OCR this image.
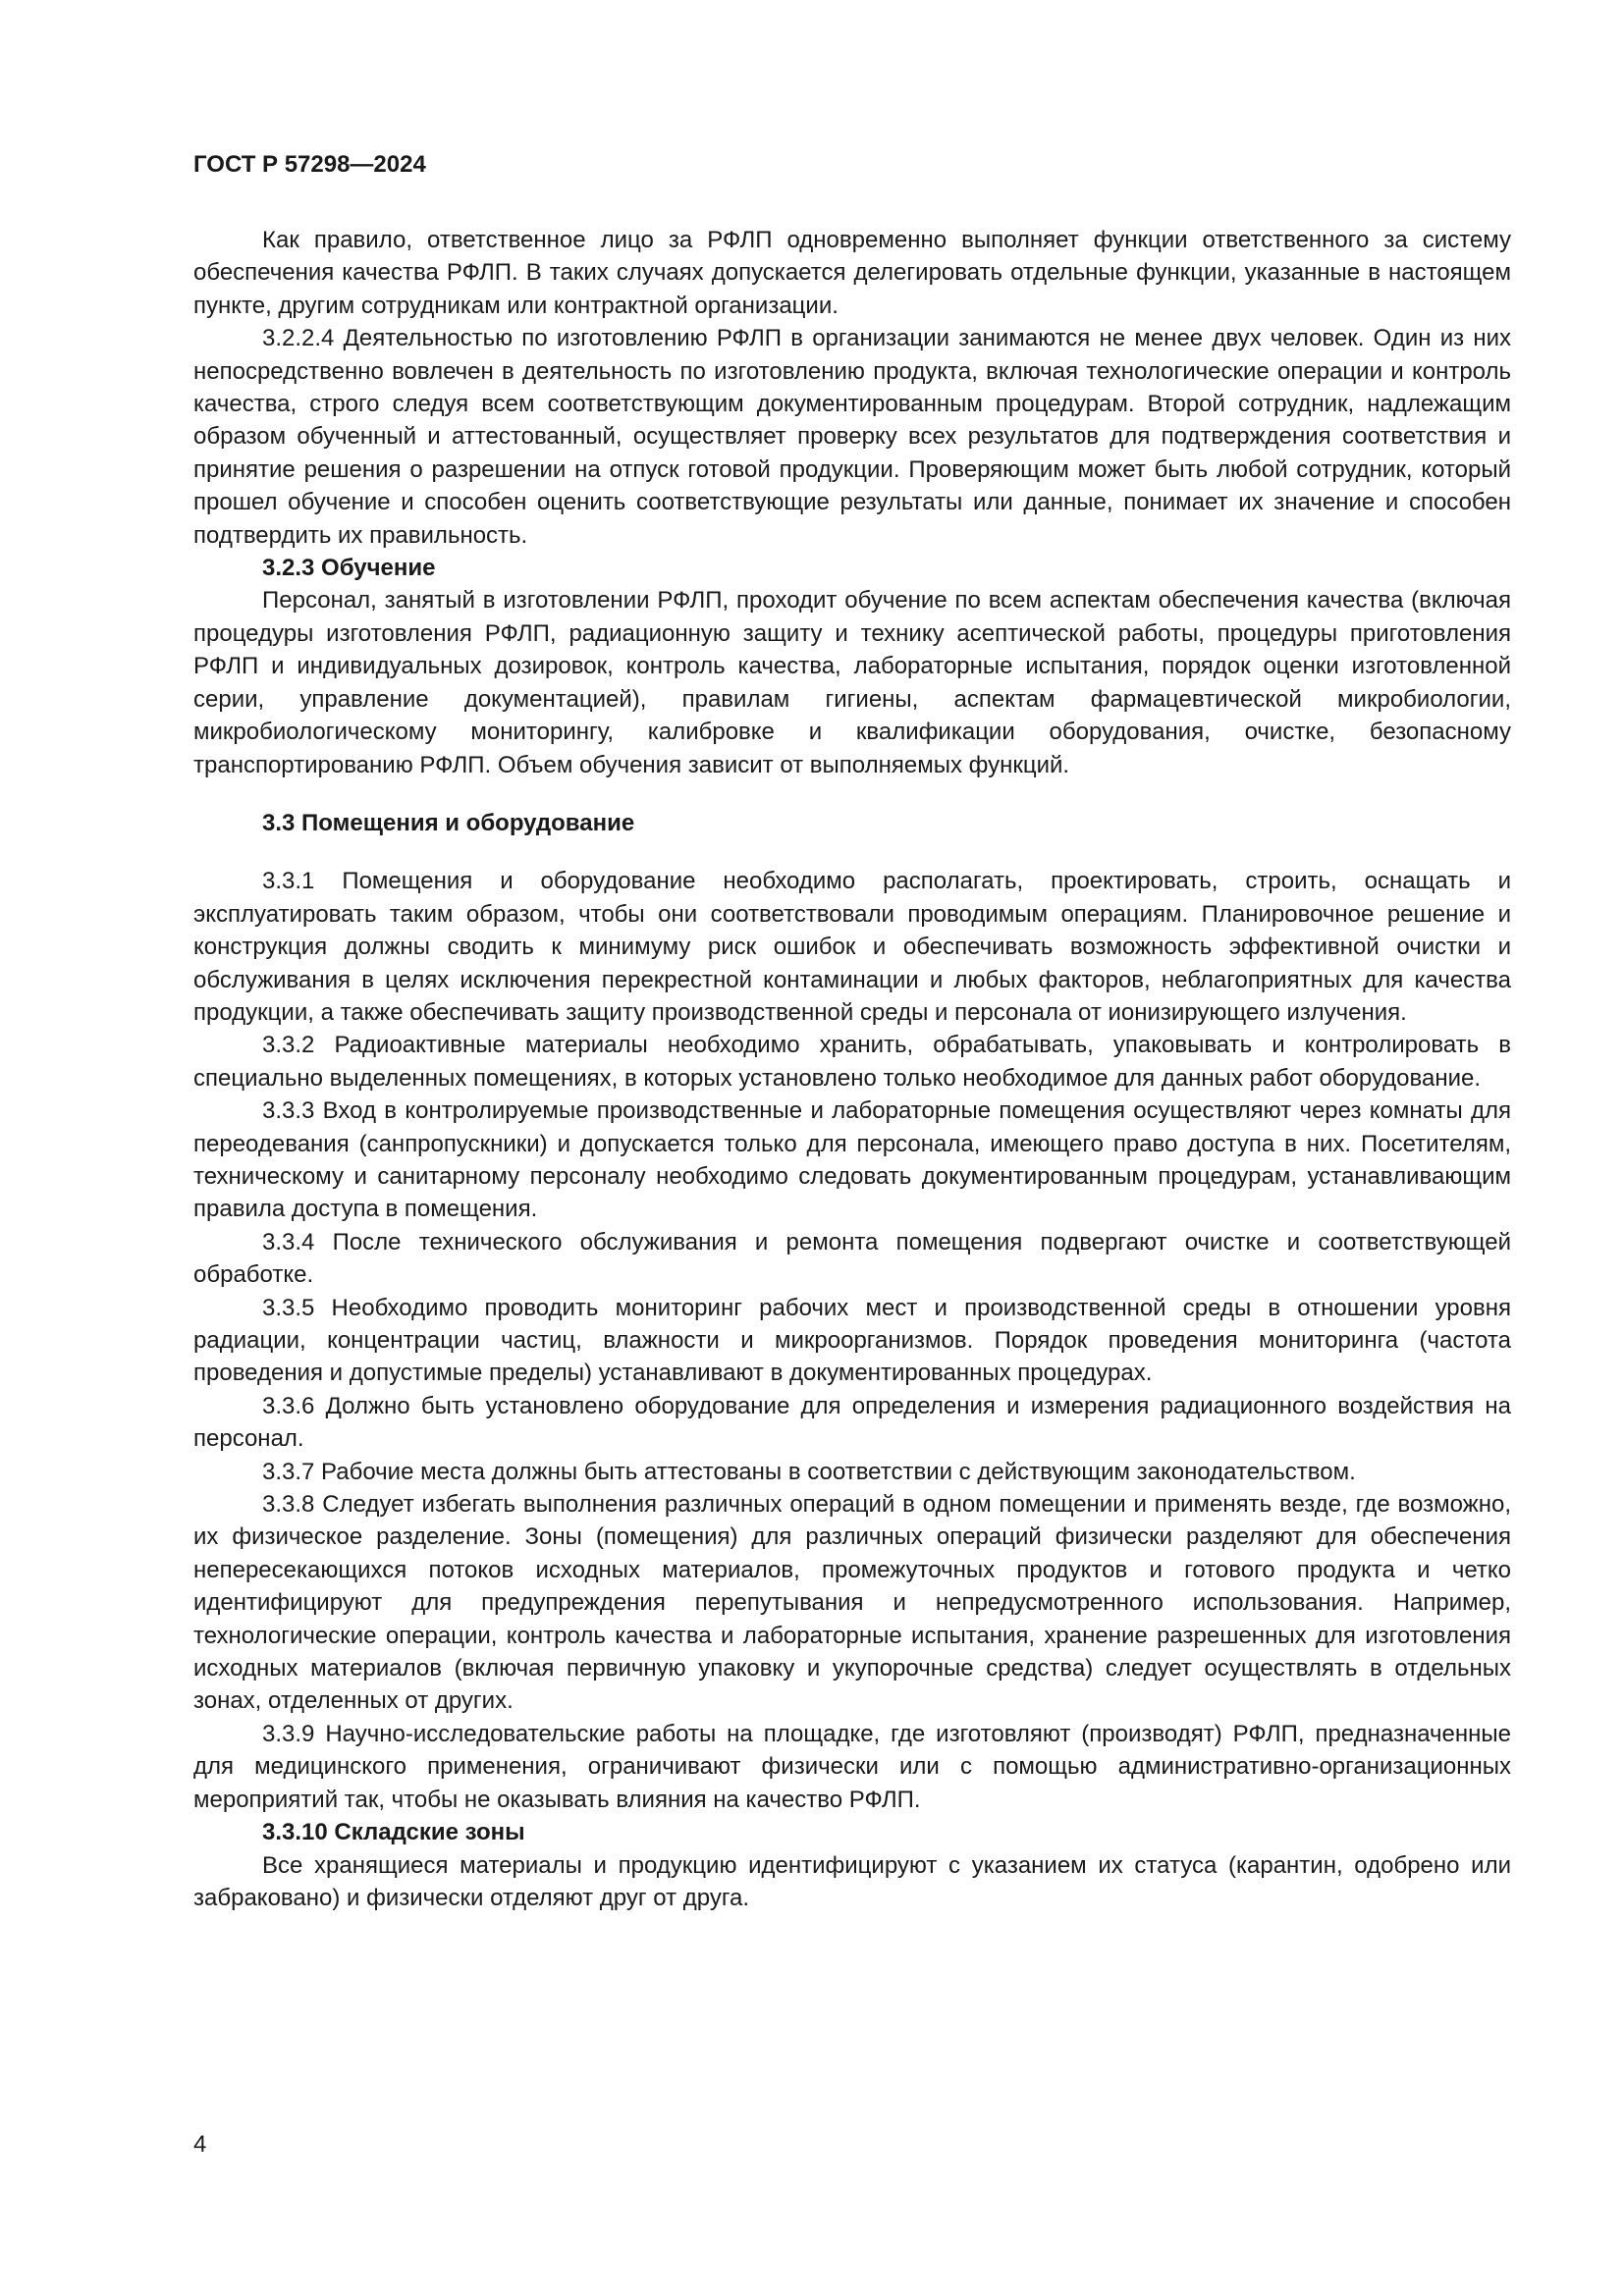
ГОСТ Р 57298—2024

Как правило, ответственное лицо за РФЛП одновременно выполняет функции ответственного за систему обеспечения качества РФЛП. В таких случаях допускается делегировать отдельные функции, указанные в настоящем пункте, другим сотрудникам или контрактной организации.

3.2.2.4 Деятельностью по изготовлению РФЛП в организации занимаются не менее двух человек. Один из них непосредственно вовлечен в деятельность по изготовлению продукта, включая технологические операции и контроль качества, строго следуя всем соответствующим документированным процедурам. Второй сотрудник, надлежащим образом обученный и аттестованный, осуществляет проверку всех результатов для подтверждения соответствия и принятие решения о разрешении на отпуск готовой продукции. Проверяющим может быть любой сотрудник, который прошел обучение и способен оценить соответствующие результаты или данные, понимает их значение и способен подтвердить их правильность.

3.2.3 Обучение

Персонал, занятый в изготовлении РФЛП, проходит обучение по всем аспектам обеспечения качества (включая процедуры изготовления РФЛП, радиационную защиту и технику асептической работы, процедуры приготовления РФЛП и индивидуальных дозировок, контроль качества, лабораторные испытания, порядок оценки изготовленной серии, управление документацией), правилам гигиены, аспектам фармацевтической микробиологии, микробиологическому мониторингу, калибровке и квалификации оборудования, очистке, безопасному транспортированию РФЛП. Объем обучения зависит от выполняемых функций.

3.3 Помещения и оборудование

3.3.1 Помещения и оборудование необходимо располагать, проектировать, строить, оснащать и эксплуатировать таким образом, чтобы они соответствовали проводимым операциям. Планировочное решение и конструкция должны сводить к минимуму риск ошибок и обеспечивать возможность эффективной очистки и обслуживания в целях исключения перекрестной контаминации и любых факторов, неблагоприятных для качества продукции, а также обеспечивать защиту производственной среды и персонала от ионизирующего излучения.

3.3.2 Радиоактивные материалы необходимо хранить, обрабатывать, упаковывать и контролировать в специально выделенных помещениях, в которых установлено только необходимое для данных работ оборудование.

3.3.3 Вход в контролируемые производственные и лабораторные помещения осуществляют через комнаты для переодевания (санпропускники) и допускается только для персонала, имеющего право доступа в них. Посетителям, техническому и санитарному персоналу необходимо следовать документированным процедурам, устанавливающим правила доступа в помещения.

3.3.4 После технического обслуживания и ремонта помещения подвергают очистке и соответствующей обработке.

3.3.5 Необходимо проводить мониторинг рабочих мест и производственной среды в отношении уровня радиации, концентрации частиц, влажности и микроорганизмов. Порядок проведения мониторинга (частота проведения и допустимые пределы) устанавливают в документированных процедурах.

3.3.6 Должно быть установлено оборудование для определения и измерения радиационного воздействия на персонал.

3.3.7 Рабочие места должны быть аттестованы в соответствии с действующим законодательством.

3.3.8 Следует избегать выполнения различных операций в одном помещении и применять везде, где возможно, их физическое разделение. Зоны (помещения) для различных операций физически разделяют для обеспечения непересекающихся потоков исходных материалов, промежуточных продуктов и готового продукта и четко идентифицируют для предупреждения перепутывания и непредусмотренного использования. Например, технологические операции, контроль качества и лабораторные испытания, хранение разрешенных для изготовления исходных материалов (включая первичную упаковку и укупорочные средства) следует осуществлять в отдельных зонах, отделенных от других.

3.3.9 Научно-исследовательские работы на площадке, где изготовляют (производят) РФЛП, предназначенные для медицинского применения, ограничивают физически или с помощью административно-организационных мероприятий так, чтобы не оказывать влияния на качество РФЛП.

3.3.10 Складские зоны

Все хранящиеся материалы и продукцию идентифицируют с указанием их статуса (карантин, одобрено или забраковано) и физически отделяют друг от друга.

4
